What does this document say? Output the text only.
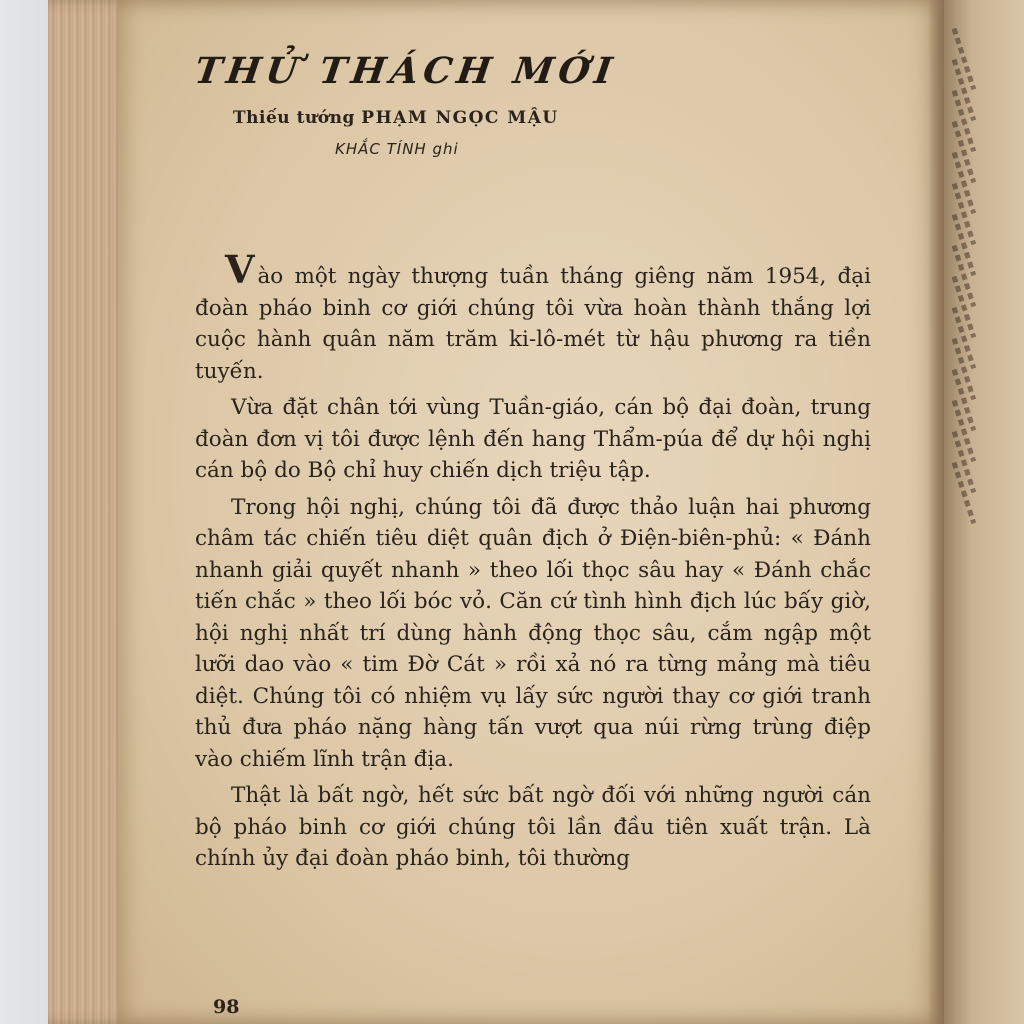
THỬ THÁCH MỚI
Thiếu tướng PHẠM NGỌC MẬU
KHẮC TÍNH ghi

Vào một ngày thượng tuần tháng giêng năm 1954, đại đoàn pháo binh cơ giới chúng tôi vừa hoàn thành thắng lợi cuộc hành quân năm trăm ki-lô-mét từ hậu phương ra tiền tuyến.

Vừa đặt chân tới vùng Tuần-giáo, cán bộ đại đoàn, trung đoàn đơn vị tôi được lệnh đến hang Thẩm-púa để dự hội nghị cán bộ do Bộ chỉ huy chiến dịch triệu tập.

Trong hội nghị, chúng tôi đã được thảo luận hai phương châm tác chiến tiêu diệt quân địch ở Điện-biên-phủ: « Đánh nhanh giải quyết nhanh » theo lối thọc sâu hay « Đánh chắc tiến chắc » theo lối bóc vỏ. Căn cứ tình hình địch lúc bấy giờ, hội nghị nhất trí dùng hành động thọc sâu, cắm ngập một lưỡi dao vào « tim Đờ Cát » rồi xả nó ra từng mảng mà tiêu diệt. Chúng tôi có nhiệm vụ lấy sức người thay cơ giới tranh thủ đưa pháo nặng hàng tấn vượt qua núi rừng trùng điệp vào chiếm lĩnh trận địa.

Thật là bất ngờ, hết sức bất ngờ đối với những người cán bộ pháo binh cơ giới chúng tôi lần đầu tiên xuất trận. Là chính ủy đại đoàn pháo binh, tôi thường

98
